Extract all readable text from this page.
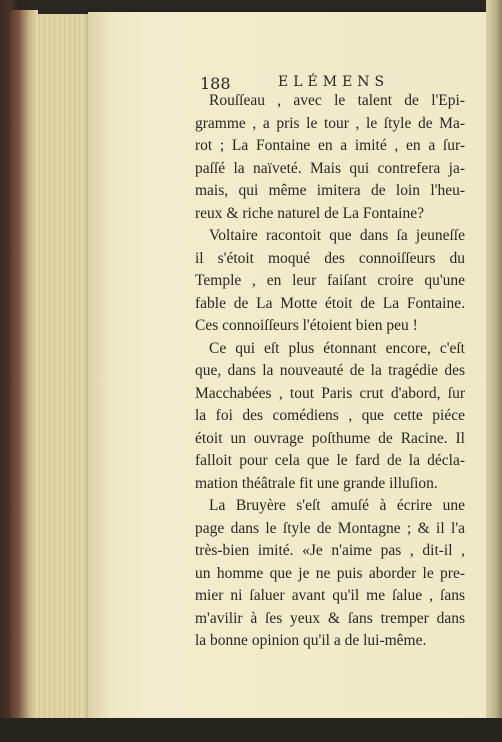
188	ELÉMENS
Rouſſeau , avec le talent de l'Epi-
gramme , a pris le tour , le ſtyle de Ma-
rot ; La Fontaine en a imité , en a ſur-
paſſé la naïveté. Mais qui contrefera ja-
mais, qui même imitera de loin l'heu-
reux & riche naturel de La Fontaine?
Voltaire racontoit que dans ſa jeuneſſe
il s'étoit moqué des connoiſſeurs du
Temple , en leur faiſant croire qu'une
fable de La Motte étoit de La Fontaine.
Ces connoiſſeurs l'étoient bien peu !
Ce qui eſt plus étonnant encore, c'eſt
que, dans la nouveauté de la tragédie des
Macchabées , tout Paris crut d'abord, ſur
la foi des comédiens , que cette piéce
étoit un ouvrage poſthume de Racine. Il
falloit pour cela que le fard de la décla-
mation théâtrale fit une grande illuſion.
La Bruyère s'eſt amuſé à écrire une
page dans le ſtyle de Montagne ; & il l'a
très-bien imité. «Je n'aime pas , dit-il ,
un homme que je ne puis aborder le pre-
mier ni ſaluer avant qu'il me ſalue , ſans
m'avilir à ſes yeux & ſans tremper dans
la bonne opinion qu'il a de lui-même.
